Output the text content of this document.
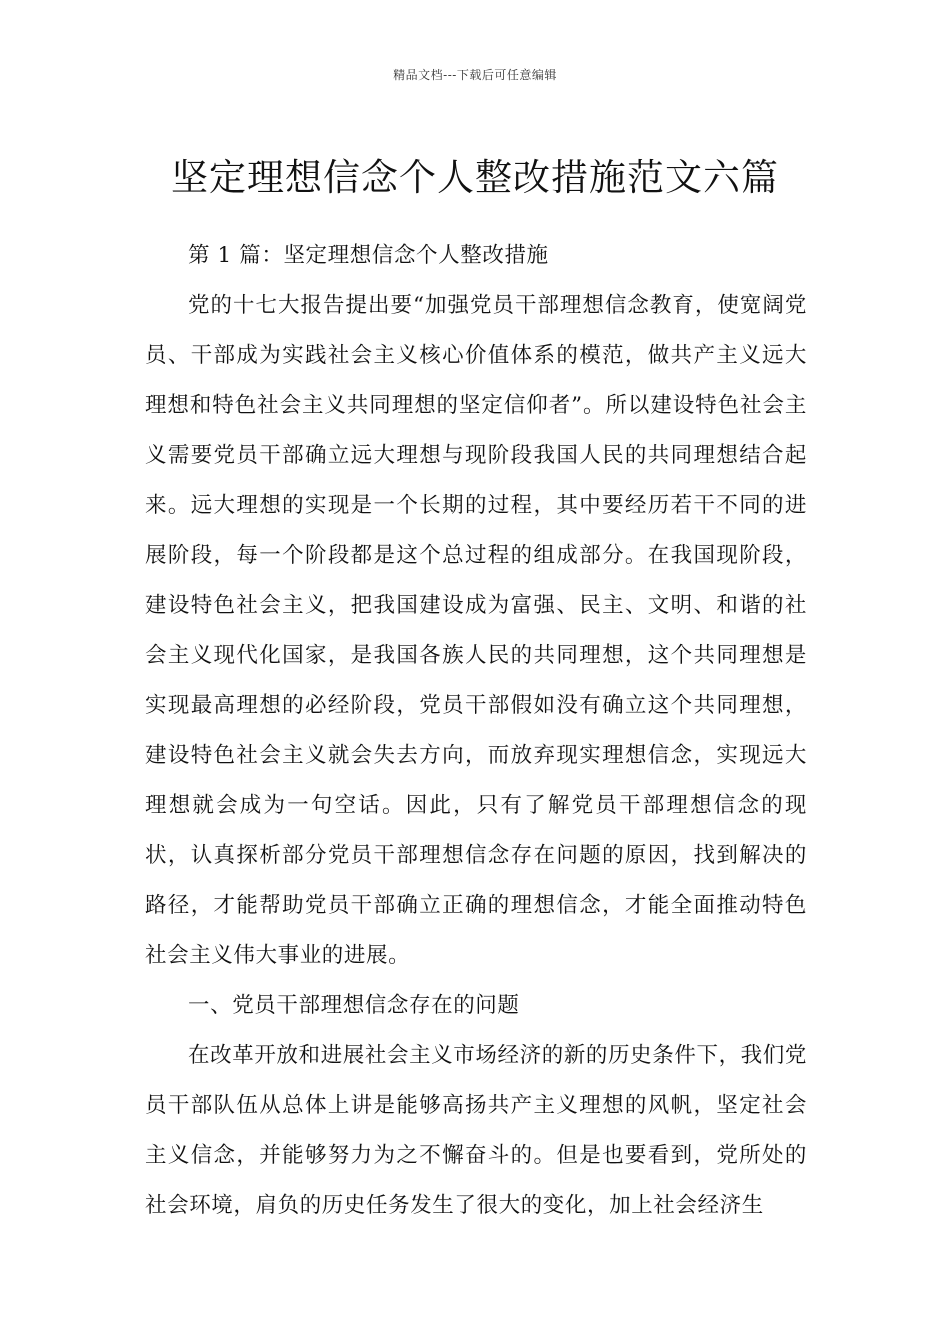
精品文档---下载后可任意编辑
坚定理想信念个人整改措施范文六篇

第 1 篇：坚定理想信念个人整改措施

党的十七大报告提出要“加强党员干部理想信念教育，使宽阔党员、干部成为实践社会主义核心价值体系的模范，做共产主义远大理想和特色社会主义共同理想的坚定信仰者”。所以建设特色社会主义需要党员干部确立远大理想与现阶段我国人民的共同理想结合起来。远大理想的实现是一个长期的过程，其中要经历若干不同的进展阶段，每一个阶段都是这个总过程的组成部分。在我国现阶段，建设特色社会主义，把我国建设成为富强、民主、文明、和谐的社会主义现代化国家，是我国各族人民的共同理想，这个共同理想是实现最高理想的必经阶段，党员干部假如没有确立这个共同理想，建设特色社会主义就会失去方向，而放弃现实理想信念，实现远大理想就会成为一句空话。因此，只有了解党员干部理想信念的现状，认真探析部分党员干部理想信念存在问题的原因，找到解决的路径，才能帮助党员干部确立正确的理想信念，才能全面推动特色社会主义伟大事业的进展。

一、党员干部理想信念存在的问题

在改革开放和进展社会主义市场经济的新的历史条件下，我们党员干部队伍从总体上讲是能够高扬共产主义理想的风帆，坚定社会主义信念，并能够努力为之不懈奋斗的。但是也要看到，党所处的社会环境，肩负的历史任务发生了很大的变化，加上社会经济生
